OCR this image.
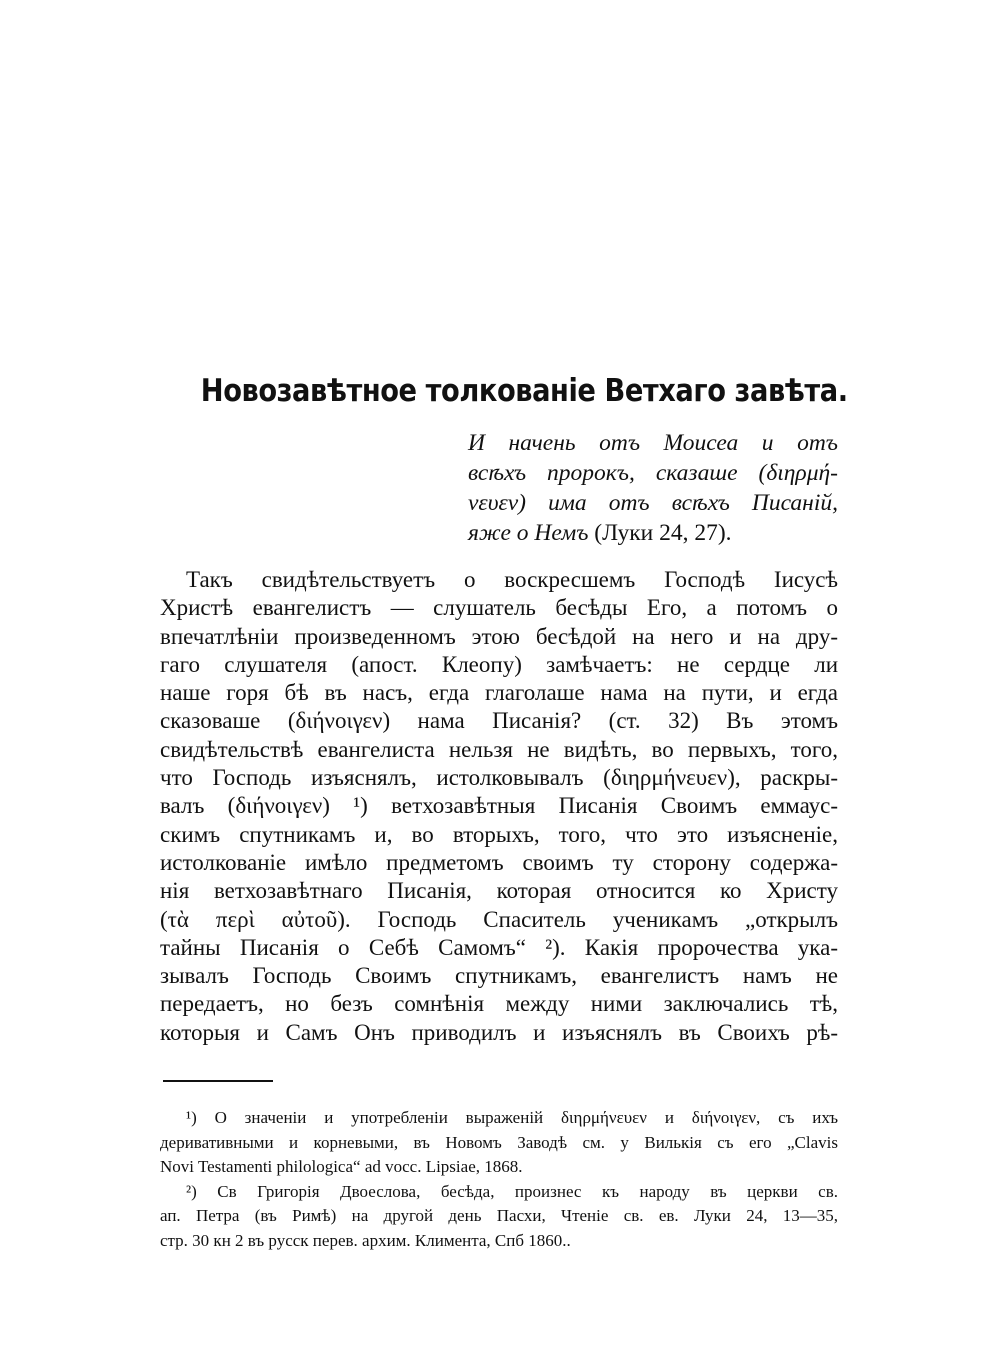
Новозавѣтное толкованіе Ветхаго завѣта.
И начень отъ Моисеа и отъ
всѣхъ пророкъ, сказаше (διηρμή-
νευεν) има отъ всѣхъ Писаній,
яже о Немъ (Луки 24, 27).
Такъ свидѣтельствуетъ о воскресшемъ Господѣ Іисусѣ
Христѣ евангелистъ — слушатель бесѣды Его, а потомъ о
впечатлѣніи произведенномъ этою бесѣдой на него и на дру-
гаго слушателя (апост. Клеопу) замѣчаетъ: не сердце ли
наше горя бѣ въ насъ, егда глаголаше нама на пути, и егда
сказоваше (διήνοιγεν) нама Писанія? (ст. 32) Въ этомъ
свидѣтельствѣ евангелиста нельзя не видѣть, во первыхъ, того,
что Господь изъяснялъ, истолковывалъ (διηρμήνευεν), раскры-
валъ (διήνοιγεν) ¹) ветхозавѣтныя Писанія Своимъ еммаус-
скимъ спутникамъ и, во вторыхъ, того, что это изъясненіе,
истолкованіе имѣло предметомъ своимъ ту сторону содержа-
нія ветхозавѣтнаго Писанія, которая относится ко Христу
(τὰ περὶ αὐτοῦ). Господь Спаситель ученикамъ „открылъ
тайны Писанія о Себѣ Самомъ“ ²). Какія пророчества ука-
зывалъ Господь Своимъ спутникамъ, евангелистъ намъ не
передаетъ, но безъ сомнѣнія между ними заключались тѣ,
которыя и Самъ Онъ приводилъ и изъяснялъ въ Своихъ рѣ-
¹) О значеніи и употребленіи выраженій διηρμήνευεν и διήνοιγεν, съ ихъ
деривативными и корневыми, въ Новомъ Заводѣ см. у Вилькія съ его „Clavis
Novi Testamenti philologica“ ad vocc. Lipsiae, 1868.
²) Св Григорія Двоеслова, бесѣда, произнес къ народу въ церкви св.
ап. Петра (въ Римѣ) на другой день Пасхи, Чтеніе св. ев. Луки 24, 13—35,
стр. 30 кн 2 въ русск перев. архим. Климента, Спб 1860..
